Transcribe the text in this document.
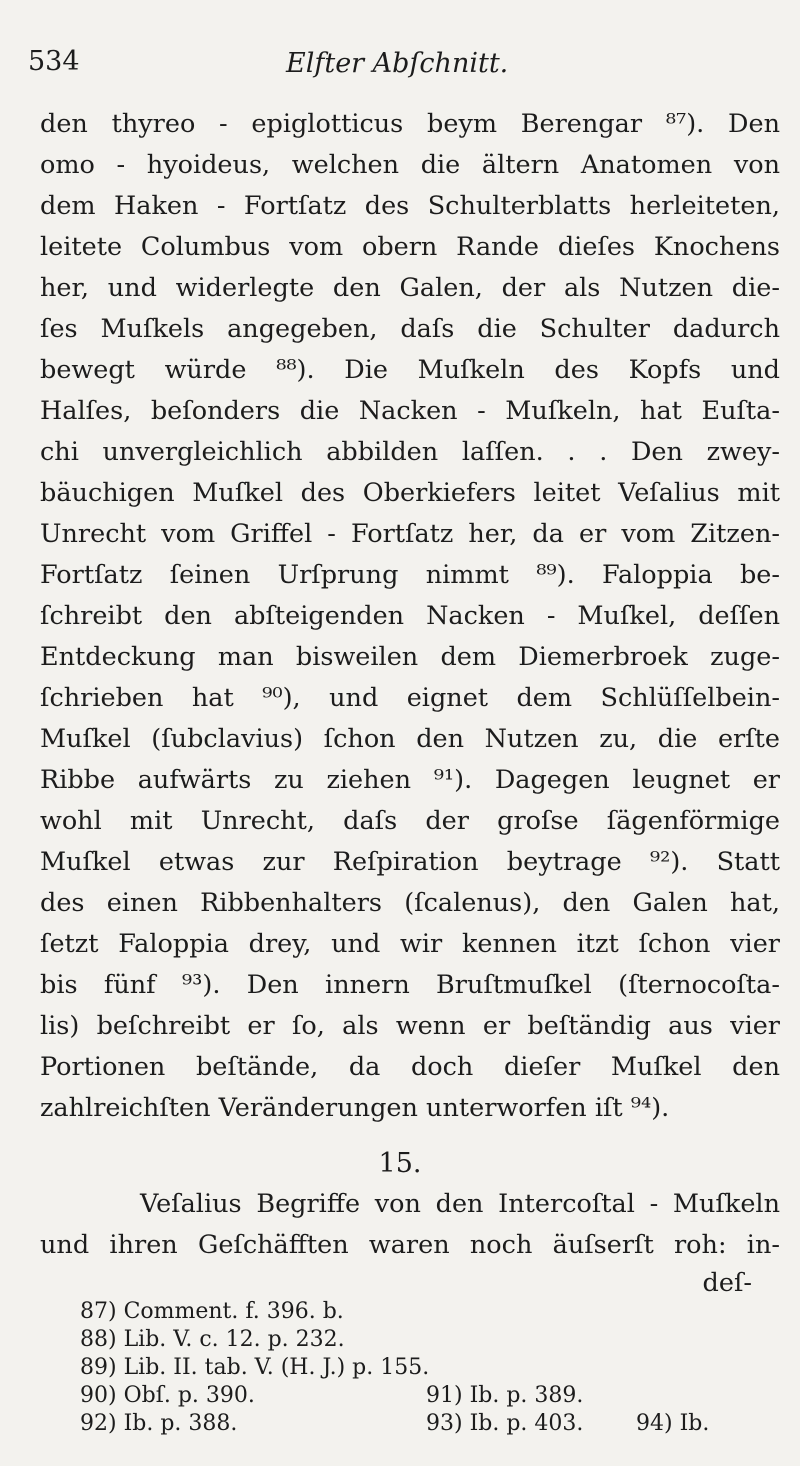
534	Elfter Abſchnitt.
den thyreo - epiglotticus beym Berengar ⁸⁷). Den
omo - hyoideus, welchen die ältern Anatomen von
dem Haken - Fortſatz des Schulterblatts herleiteten,
leitete Columbus vom obern Rande dieſes Knochens
her, und widerlegte den Galen, der als Nutzen die-
ſes Muſkels angegeben, daſs die Schulter dadurch
bewegt würde ⁸⁸). Die Muſkeln des Kopfs und
Halſes, beſonders die Nacken - Muſkeln, hat Euſta-
chi unvergleichlich abbilden laſſen. . . Den zwey-
bäuchigen Muſkel des Oberkiefers leitet Veſalius mit
Unrecht vom Griffel - Fortſatz her, da er vom Zitzen-
Fortſatz ſeinen Urſprung nimmt ⁸⁹). Faloppia be-
ſchreibt den abſteigenden Nacken - Muſkel, deſſen
Entdeckung man bisweilen dem Diemerbroek zuge-
ſchrieben hat ⁹⁰), und eignet dem Schlüſſelbein-
Muſkel (ſubclavius) ſchon den Nutzen zu, die erſte
Ribbe aufwärts zu ziehen ⁹¹). Dagegen leugnet er
wohl mit Unrecht, daſs der groſse ſägenförmige
Muſkel etwas zur Reſpiration beytrage ⁹²). Statt
des einen Ribbenhalters (ſcalenus), den Galen hat,
ſetzt Faloppia drey, und wir kennen itzt ſchon vier
bis fünf ⁹³). Den innern Bruſtmuſkel (ſternocoſta-
lis) beſchreibt er ſo, als wenn er beſtändig aus vier
Portionen beſtände, da doch dieſer Muſkel den
zahlreichſten Veränderungen unterworfen iſt ⁹⁴).
15.
Veſalius Begriffe von den Intercoſtal - Muſkeln
und ihren Geſchäfften waren noch äuſserſt roh: in-
deſ-
87) Comment. f. 396. b.
88) Lib. V. c. 12. p. 232.
89) Lib. II. tab. V. (H. J.) p. 155.
90) Obſ. p. 390.	91) Ib. p. 389.
92) Ib. p. 388.	93) Ib. p. 403. 94) Ib.
